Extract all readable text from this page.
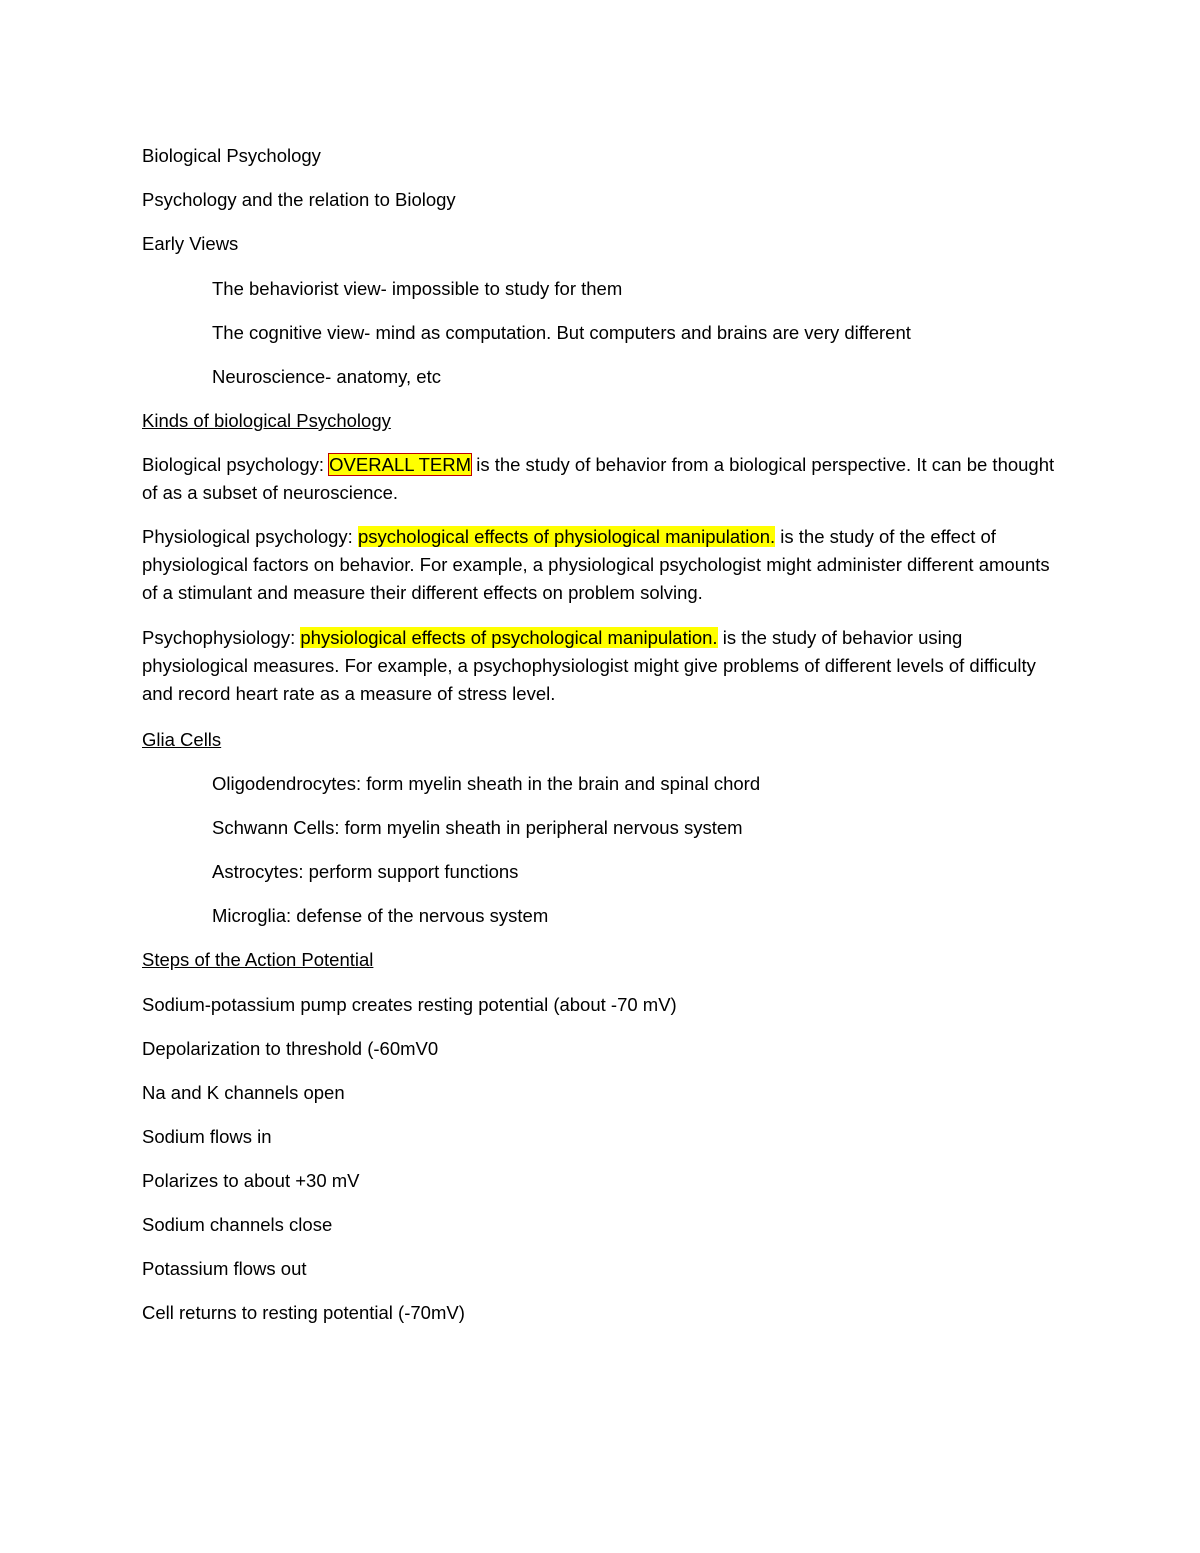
Biological Psychology
Psychology and the relation to Biology
Early Views
The behaviorist view- impossible to study for them
The cognitive view- mind as computation. But computers and brains are very different
Neuroscience- anatomy, etc
Kinds of biological Psychology
Biological psychology: OVERALL TERM is the study of behavior from a biological perspective. It can be thought of as a subset of neuroscience.
Physiological psychology: psychological effects of physiological manipulation. is the study of the effect of physiological factors on behavior. For example, a physiological psychologist might administer different amounts of a stimulant and measure their different effects on problem solving.
Psychophysiology: physiological effects of psychological manipulation. is the study of behavior using physiological measures. For example, a psychophysiologist might give problems of different levels of difficulty and record heart rate as a measure of stress level.
Glia Cells
Oligodendrocytes: form myelin sheath in the brain and spinal chord
Schwann Cells: form myelin sheath in peripheral nervous system
Astrocytes: perform support functions
Microglia: defense of the nervous system
Steps of the Action Potential
Sodium-potassium pump creates resting potential (about -70 mV)
Depolarization to threshold (-60mV0
Na and K channels open
Sodium flows in
Polarizes to about +30 mV
Sodium channels close
Potassium flows out
Cell returns to resting potential (-70mV)
